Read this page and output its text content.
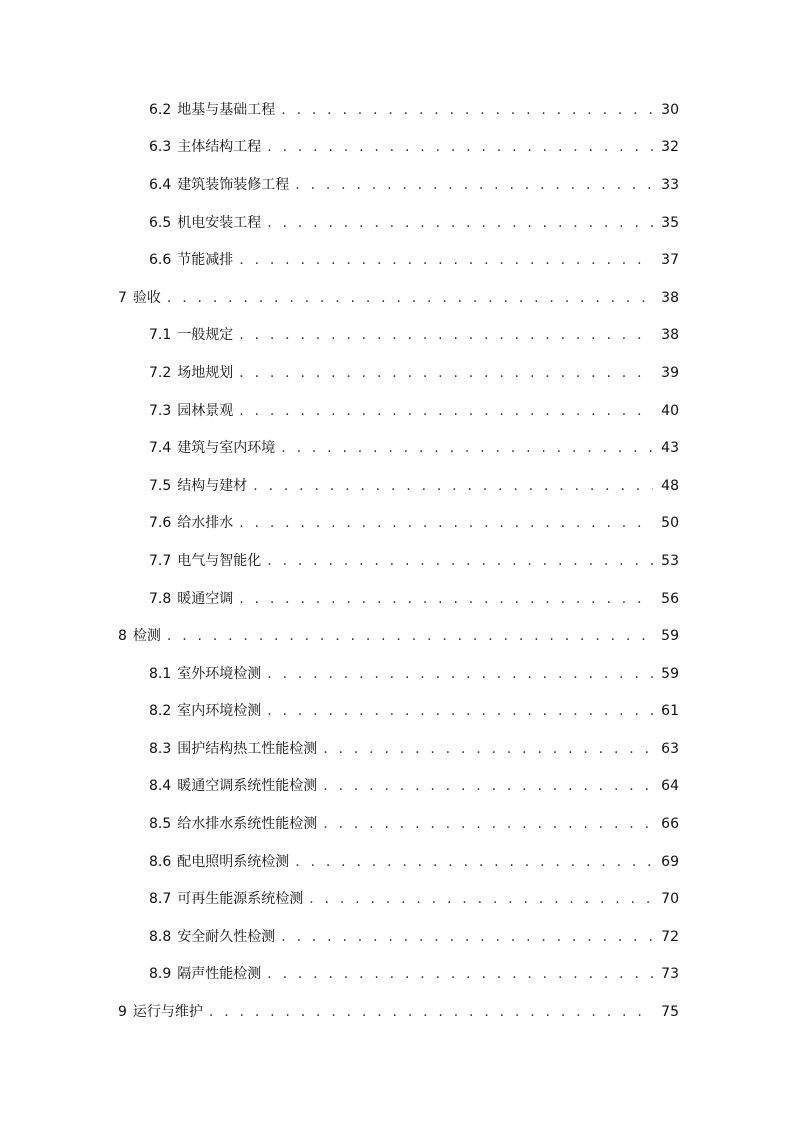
6.2 地基与基础工程 . . .	30
6.3 主体结构工程 . . .	32
6.4 建筑装饰装修工程 . . .	33
6.5 机电安装工程 . . .	35
6.6 节能减排 . . .	37
7 验收 . . .	38
7.1 一般规定 . . .	38
7.2 场地规划 . . .	39
7.3 园林景观 . . .	40
7.4 建筑与室内环境 . . .	43
7.5 结构与建材 . . .	48
7.6 给水排水 . . .	50
7.7 电气与智能化 . . .	53
7.8 暖通空调 . . .	56
8 检测 . . .	59
8.1 室外环境检测 . . .	59
8.2 室内环境检测 . . .	61
8.3 围护结构热工性能检测 . . .	63
8.4 暖通空调系统性能检测 . . .	64
8.5 给水排水系统性能检测 . . .	66
8.6 配电照明系统检测 . . .	69
8.7 可再生能源系统检测 . . .	70
8.8 安全耐久性检测 . . .	72
8.9 隔声性能检测 . . .	73
9 运行与维护 . . .	75
